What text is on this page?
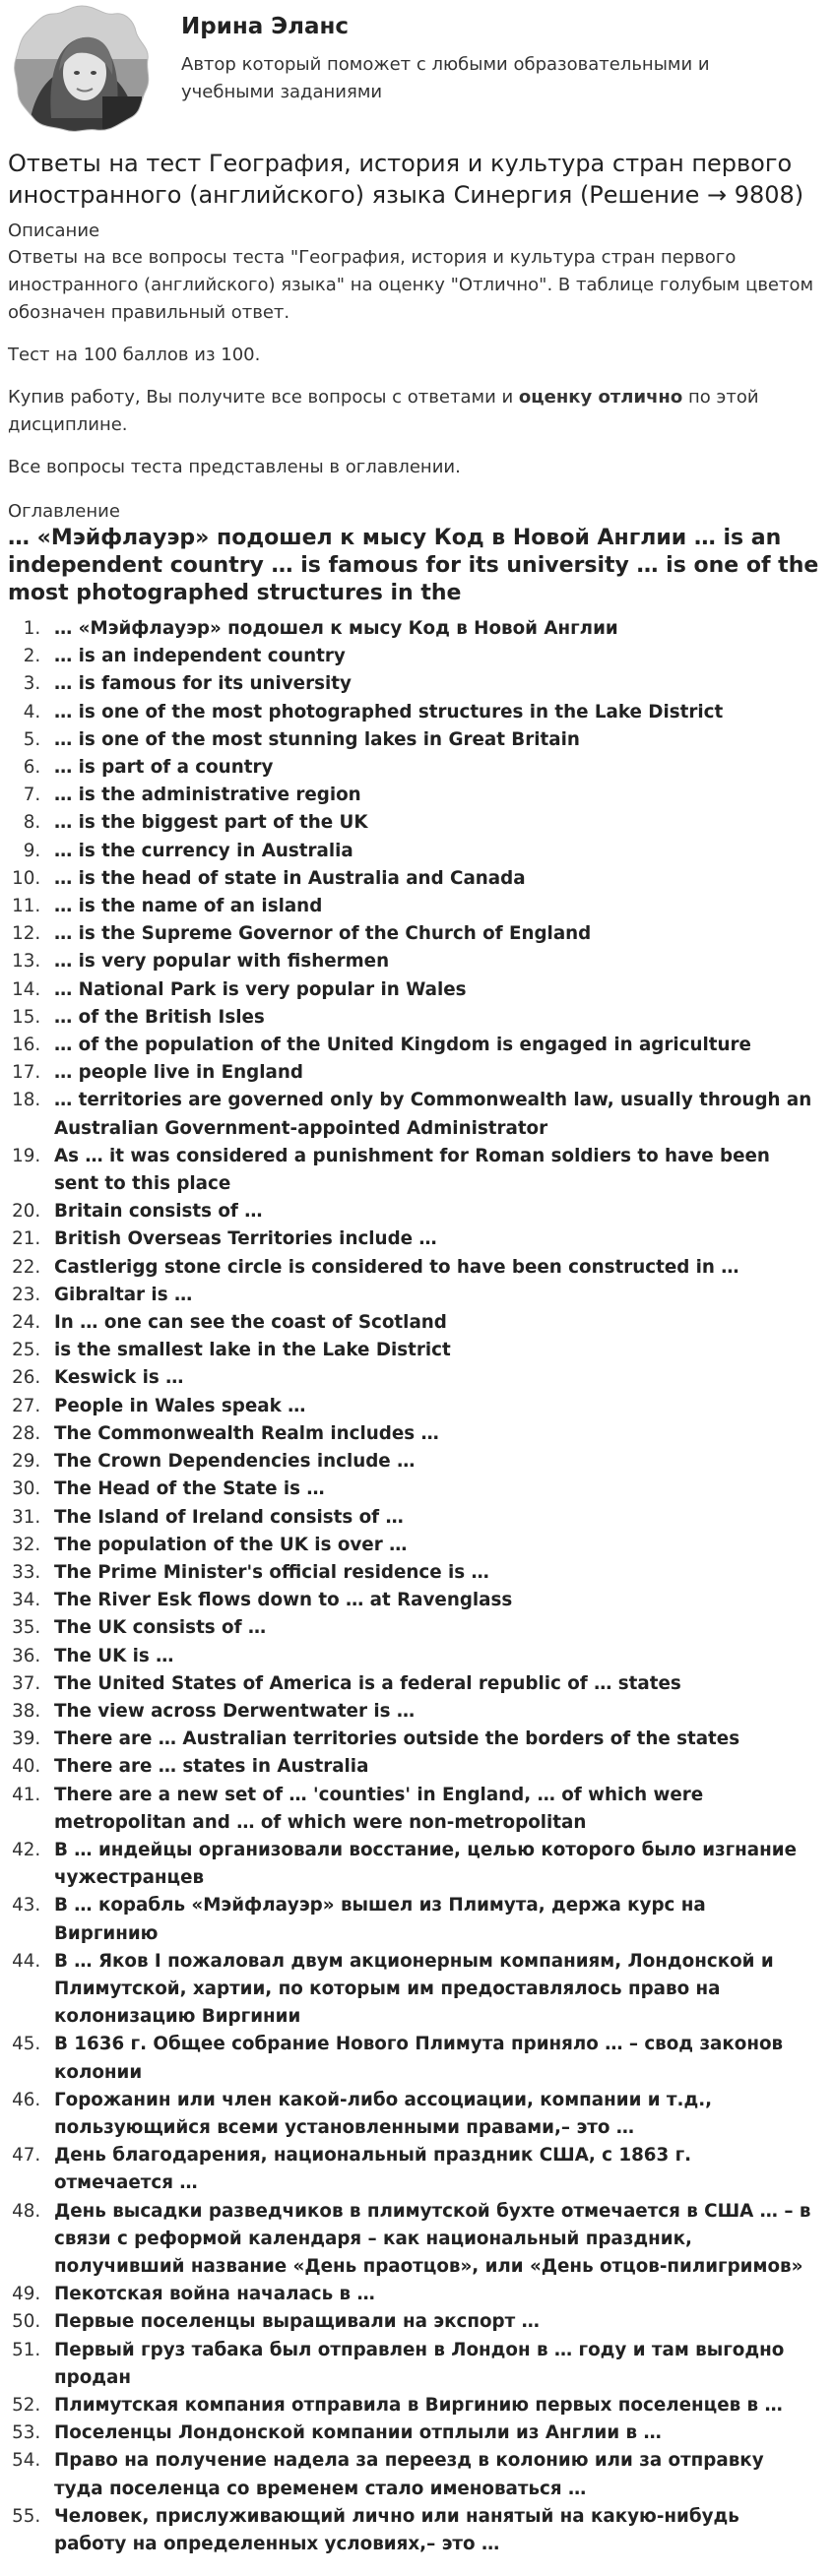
Ирина Эланс
Автор который поможет с любыми образовательными и учебными заданиями
Ответы на тест География, история и культура стран первого иностранного (английского) языка Синергия (Решение → 9808)
Описание

Ответы на все вопросы теста "География, история и культура стран первого иностранного (английского) языка" на оценку "Отлично". В таблице голубым цветом обозначен правильный ответ.

Тест на 100 баллов из 100.

Купив работу, Вы получите все вопросы с ответами и оценку отлично по этой дисциплине.

Все вопросы теста представлены в оглавлении.

Оглавление
… «Мэйфлауэр» подошел к мысу Код в Новой Англии … is an independent country … is famous for its university … is one of the most photographed structures in the
1. … «Мэйфлауэр» подошел к мысу Код в Новой Англии
2. … is an independent country
3. … is famous for its university
4. … is one of the most photographed structures in the Lake District
5. … is one of the most stunning lakes in Great Britain
6. … is part of a country
7. … is the administrative region
8. … is the biggest part of the UK
9. … is the currency in Australia
10. … is the head of state in Australia and Canada
11. … is the name of an island
12. … is the Supreme Governor of the Church of England
13. … is very popular with fishermen
14. … National Park is very popular in Wales
15. … of the British Isles
16. … of the population of the United Kingdom is engaged in agriculture
17. … people live in England
18. … territories are governed only by Commonwealth law, usually through an Australian Government-appointed Administrator
19. As … it was considered a punishment for Roman soldiers to have been sent to this place
20. Britain consists of …
21. British Overseas Territories include …
22. Castlerigg stone circle is considered to have been constructed in …
23. Gibraltar is …
24. In … one can see the coast of Scotland
25. is the smallest lake in the Lake District
26. Keswick is …
27. People in Wales speak …
28. The Commonwealth Realm includes …
29. The Crown Dependencies include …
30. The Head of the State is …
31. The Island of Ireland consists of …
32. The population of the UK is over …
33. The Prime Minister's official residence is …
34. The River Esk flows down to … at Ravenglass
35. The UK consists of …
36. The UK is …
37. The United States of America is a federal republic of … states
38. The view across Derwentwater is …
39. There are … Australian territories outside the borders of the states
40. There are … states in Australia
41. There are a new set of … 'counties' in England, … of which were metropolitan and … of which were non-metropolitan
42. В … индейцы организовали восстание, целью которого было изгнание чужестранцев
43. В … корабль «Мэйфлауэр» вышел из Плимута, держа курс на Виргинию
44. В … Яков I пожаловал двум акционерным компаниям, Лондонской и Плимутской, хартии, по которым им предоставлялось право на колонизацию Виргинии
45. В 1636 г. Общее собрание Нового Плимута приняло … – свод законов колонии
46. Горожанин или член какой-либо ассоциации, компании и т.д., пользующийся всеми установленными правами,– это …
47. День благодарения, национальный праздник США, с 1863 г. отмечается …
48. День высадки разведчиков в плимутской бухте отмечается в США … – в связи с реформой календаря – как национальный праздник, получивший название «День праотцов», или «День отцов-пилигримов»
49. Пекотская война началась в …
50. Первые поселенцы выращивали на экспорт …
51. Первый груз табака был отправлен в Лондон в … году и там выгодно продан
52. Плимутская компания отправила в Виргинию первых поселенцев в …
53. Поселенцы Лондонской компании отплыли из Англии в …
54. Право на получение надела за переезд в колонию или за отправку туда поселенца со временем стало именоваться …
55. Человек, прислуживающий лично или нанятый на какую-нибудь работу на определенных условиях,– это …
